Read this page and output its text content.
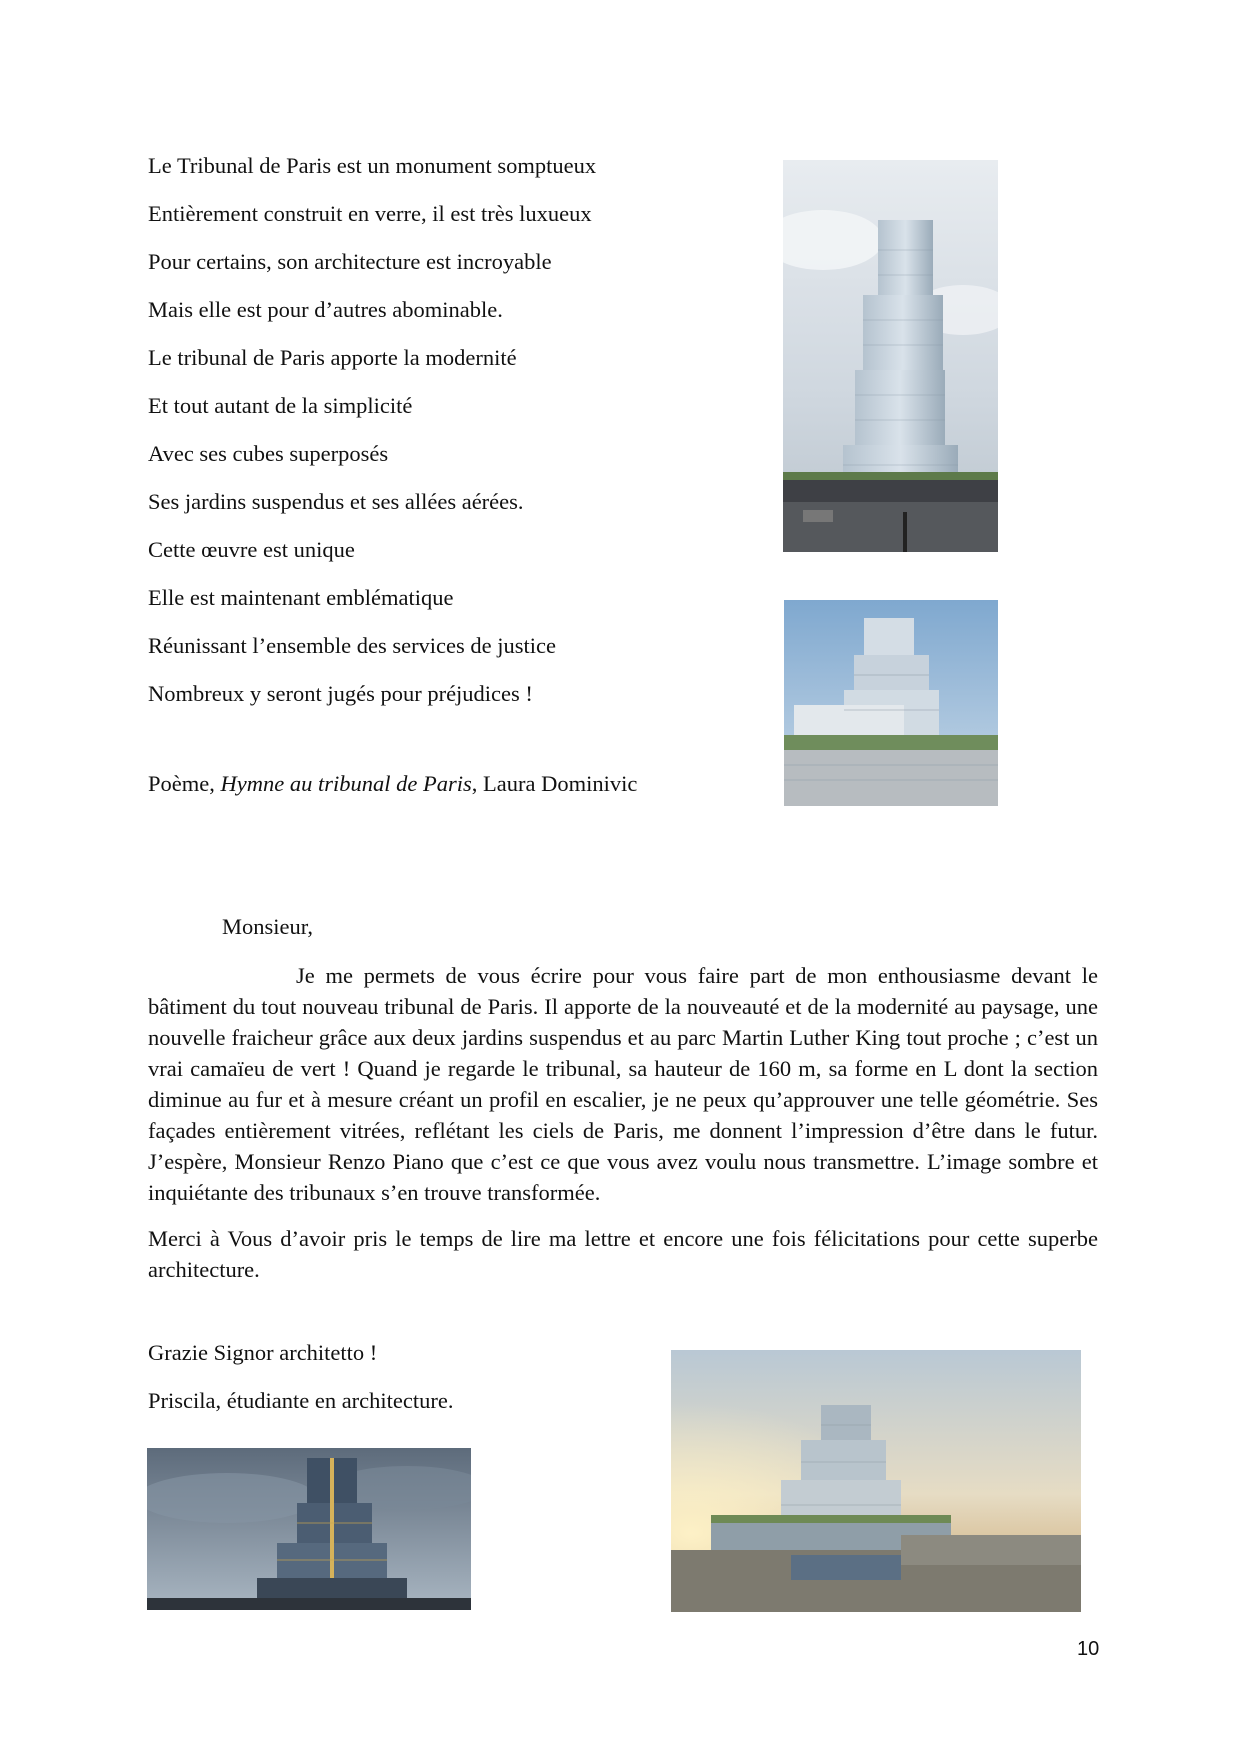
Le Tribunal de Paris est un monument somptueux
Entièrement construit en verre, il est très luxueux
Pour certains, son architecture est incroyable
Mais elle est pour d’autres abominable.
Le tribunal de Paris apporte la modernité
Et tout autant de la simplicité
Avec ses cubes superposés
Ses jardins suspendus et ses allées aérées.
Cette œuvre est unique
Elle est maintenant emblématique
Réunissant l’ensemble des services de justice
Nombreux y seront jugés pour préjudices !
Poème, Hymne au tribunal de Paris, Laura Dominivic
Monsieur,

Je me permets de vous écrire pour vous faire part de mon enthousiasme devant le bâtiment du tout nouveau tribunal de Paris. Il apporte de la nouveauté et de la modernité au paysage, une nouvelle fraicheur grâce aux deux jardins suspendus et au parc Martin Luther King tout proche ; c’est un vrai camaïeu de vert ! Quand je regarde le tribunal, sa hauteur de 160 m, sa forme en L dont la section diminue au fur et à mesure créant un profil en escalier, je ne peux qu’approuver une telle géométrie. Ses façades entièrement vitrées, reflétant les ciels de Paris, me donnent l’impression d’être dans le futur. J’espère, Monsieur Renzo Piano que c’est ce que vous avez voulu nous transmettre. L’image sombre et inquiétante des tribunaux s’en trouve transformée.

Merci à Vous d’avoir pris le temps de lire ma lettre et encore une fois félicitations pour cette superbe architecture.

Grazie Signor architetto !
Priscila, étudiante en architecture.
10
